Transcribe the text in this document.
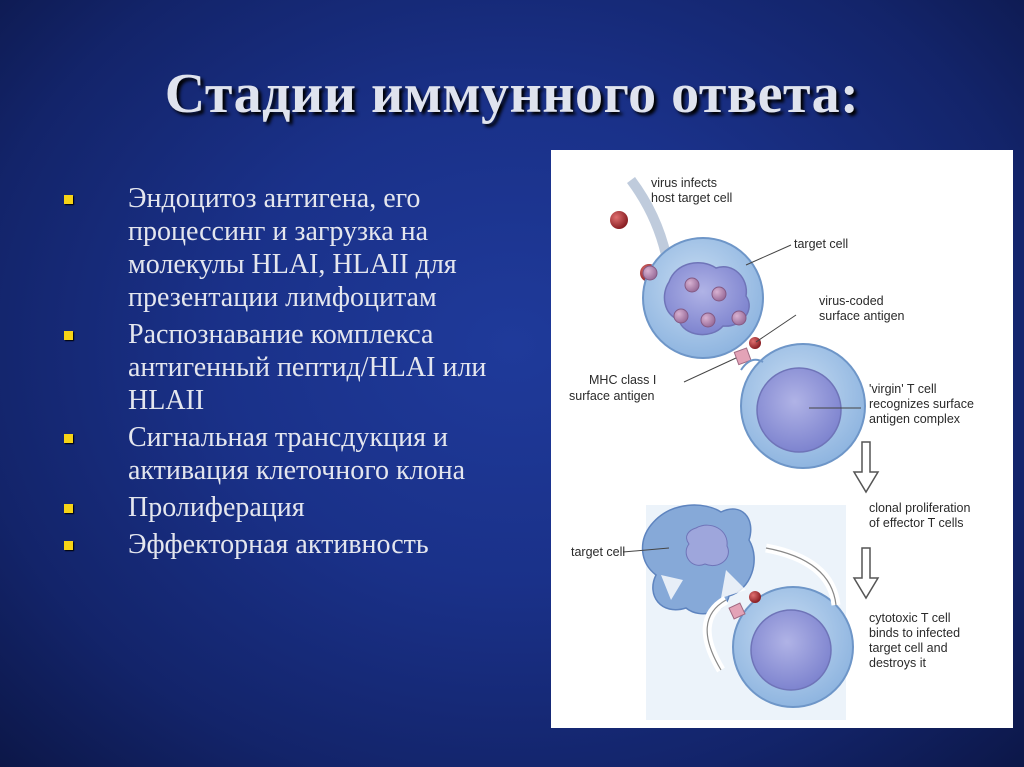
Стадии иммунного ответа:
Эндоцитоз антигена, его процессинг и загрузка на молекулы HLAI, HLAII для презентации лимфоцитам
Распознавание комплекса антигенный пептид/HLAI или HLAII
Сигнальная трансдукция и активация клеточного клона
Пролиферация
Эффекторная активность
virus infects
host target cell
target cell
virus-coded
surface antigen
MHC class I
surface antigen	'virgin' T cell
recognizes surface
antigen complex
clonal proliferation
of effector T cells
target cell
cytotoxic T cell
binds to infected
target cell and
destroys it
